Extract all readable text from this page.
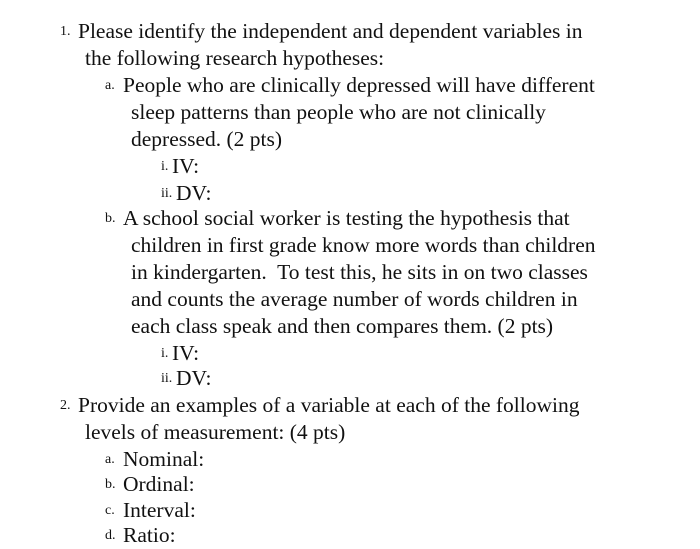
1. Please identify the independent and dependent variables in
the following research hypotheses:
a. People who are clinically depressed will have different
sleep patterns than people who are not clinically
depressed. (2 pts)
i. IV:
ii. DV:
b. A school social worker is testing the hypothesis that
children in first grade know more words than children
in kindergarten.  To test this, he sits in on two classes
and counts the average number of words children in
each class speak and then compares them. (2 pts)
i. IV:
ii. DV:
2. Provide an examples of a variable at each of the following
levels of measurement: (4 pts)
a. Nominal:
b. Ordinal:
c. Interval:
d. Ratio:
